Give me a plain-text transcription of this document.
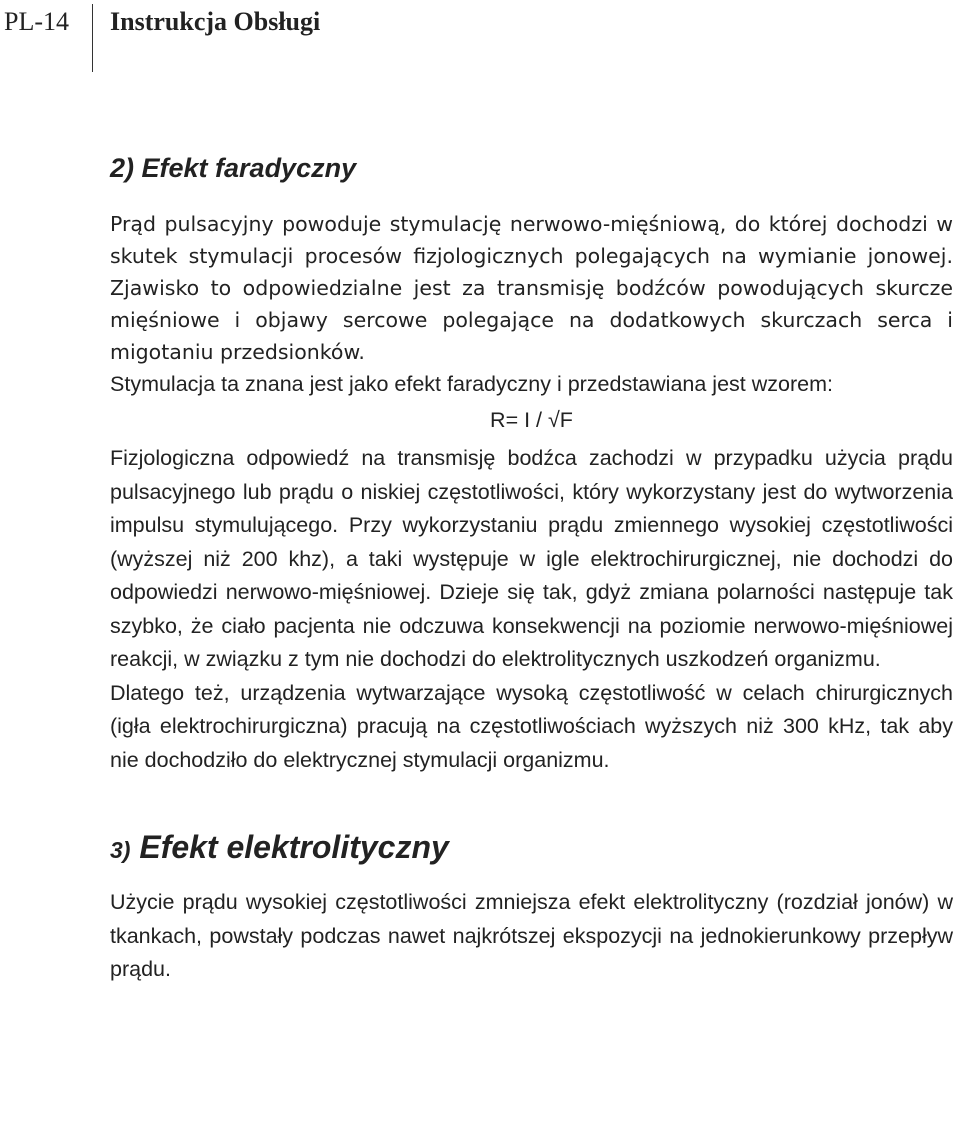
PL-14 Instrukcja Obsługi
2) Efekt faradyczny

Prąd pulsacyjny powoduje stymulację nerwowo-mięśniową, do której dochodzi w skutek stymulacji procesów fizjologicznych polegających na wymianie jonowej. Zjawisko to odpowiedzialne jest za transmisję bodźców powodujących skurcze mięśniowe i objawy sercowe polegające na dodatkowych skurczach serca i migotaniu przedsionków.

Stymulacja ta znana jest jako efekt faradyczny i przedstawiana jest wzorem:

R= I / √F

Fizjologiczna odpowiedź na transmisję bodźca zachodzi w przypadku użycia prądu pulsacyjnego lub prądu o niskiej częstotliwości, który wykorzystany jest do wytworzenia impulsu stymulującego. Przy wykorzystaniu prądu zmiennego wysokiej częstotliwości (wyższej niż 200 khz), a taki występuje w igle elektrochirurgicznej, nie dochodzi do odpowiedzi nerwowo-mięśniowej. Dzieje się tak, gdyż zmiana polarności następuje tak szybko, że ciało pacjenta nie odczuwa konsekwencji na poziomie nerwowo-mięśniowej reakcji, w związku z tym nie dochodzi do elektrolitycznych uszkodzeń organizmu.

Dlatego też, urządzenia wytwarzające wysoką częstotliwość w celach chirurgicznych (igła elektrochirurgiczna) pracują na częstotliwościach wyższych niż 300 kHz, tak aby nie dochodziło do elektrycznej stymulacji organizmu.

3) Efekt elektrolityczny

Użycie prądu wysokiej częstotliwości zmniejsza efekt elektrolityczny (rozdział jonów) w tkankach, powstały podczas nawet najkrótszej ekspozycji na jednokierunkowy przepływ prądu.
